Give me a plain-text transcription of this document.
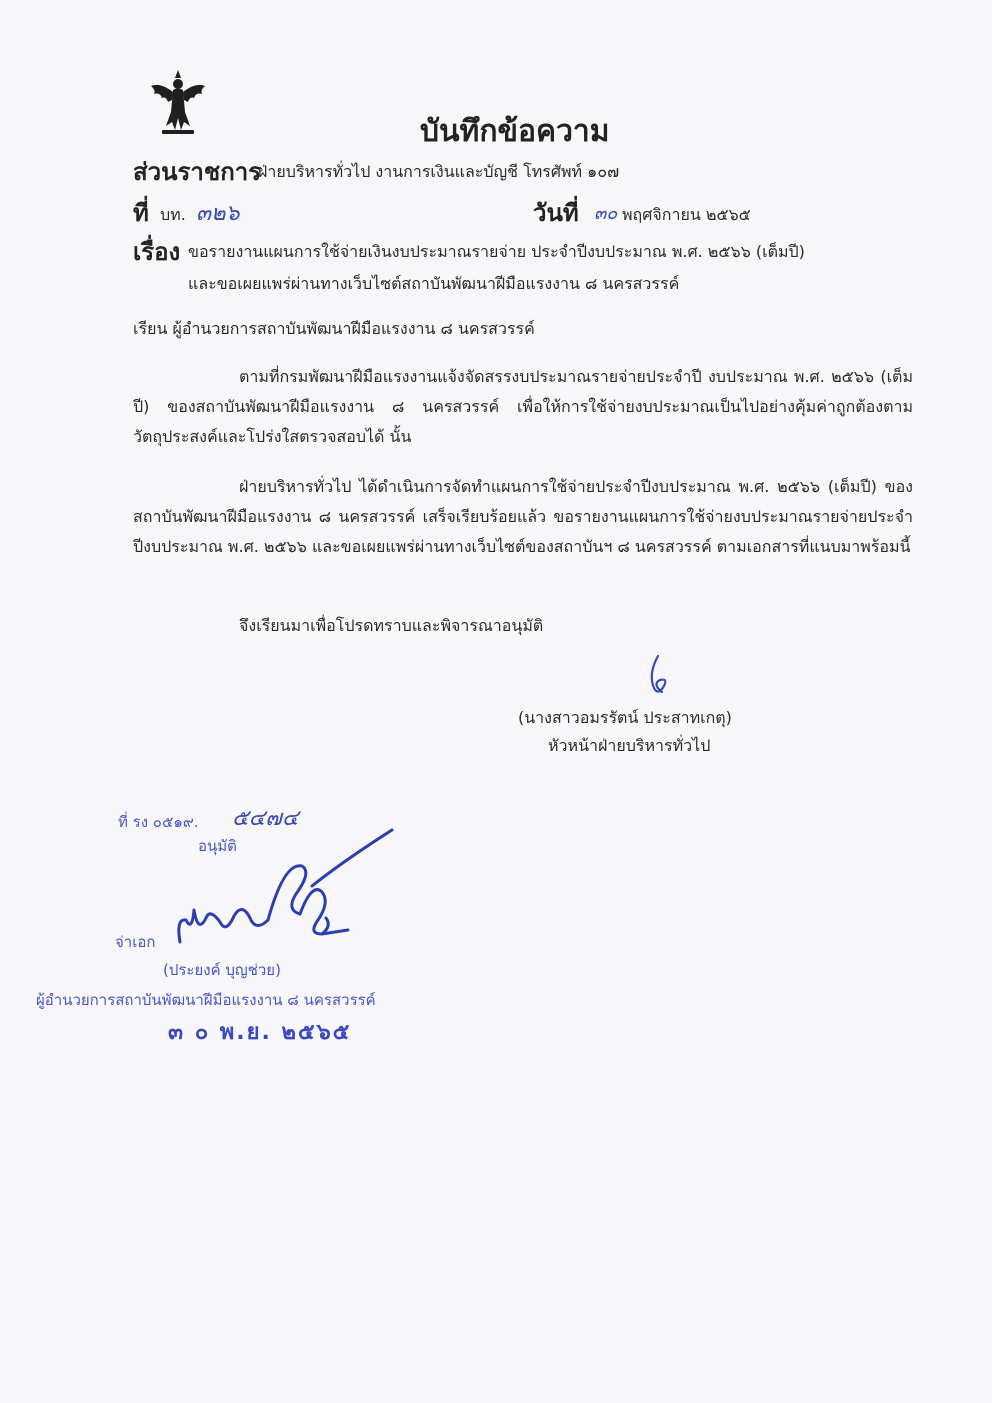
บันทึกข้อความ
ส่วนราชการ
ฝ่ายบริหารทั่วไป งานการเงินและบัญชี โทรศัพท์ ๑๐๗
ที่ บท. ๓๒๖	วันที่ ๓๐ พฤศจิกายน ๒๕๖๕
เรื่อง ขอรายงานแผนการใช้จ่ายเงินงบประมาณรายจ่าย ประจำปีงบประมาณ พ.ศ. ๒๕๖๖ (เต็มปี)
และขอเผยแพร่ผ่านทางเว็บไซต์สถาบันพัฒนาฝีมือแรงงาน ๘ นครสวรรค์
เรียน ผู้อำนวยการสถาบันพัฒนาฝีมือแรงงาน ๘ นครสวรรค์
ตามที่กรมพัฒนาฝีมือแรงงานแจ้งจัดสรรงบประมาณรายจ่ายประจำปี งบประมาณ พ.ศ. ๒๕๖๖ (เต็มปี) ของสถาบันพัฒนาฝีมือแรงงาน ๘ นครสวรรค์ เพื่อให้การใช้จ่ายงบประมาณเป็นไปอย่างคุ้มค่าถูกต้องตามวัตถุประสงค์และโปร่งใสตรวจสอบได้ นั้น
ฝ่ายบริหารทั่วไป ได้ดำเนินการจัดทำแผนการใช้จ่ายประจำปีงบประมาณ พ.ศ. ๒๕๖๖ (เต็มปี) ของสถาบันพัฒนาฝีมือแรงงาน ๘ นครสวรรค์ เสร็จเรียบร้อยแล้ว ขอรายงานแผนการใช้จ่ายงบประมาณรายจ่ายประจำปีงบประมาณ พ.ศ. ๒๕๖๖ และขอเผยแพร่ผ่านทางเว็บไซต์ของสถาบันฯ ๘ นครสวรรค์ ตามเอกสารที่แนบมาพร้อมนี้
จึงเรียนมาเพื่อโปรดทราบและพิจารณาอนุมัติ
(นางสาวอมรรัตน์ ประสาทเกตุ)
หัวหน้าฝ่ายบริหารทั่วไป
ที่ รง ๐๕๑๙. ๕๔๗๔
อนุมัติ
จ่าเอก
(ประยงค์ บุญช่วย)
ผู้อำนวยการสถาบันพัฒนาฝีมือแรงงาน ๘ นครสวรรค์
๓ ๐ พ.ย. ๒๕๖๕
